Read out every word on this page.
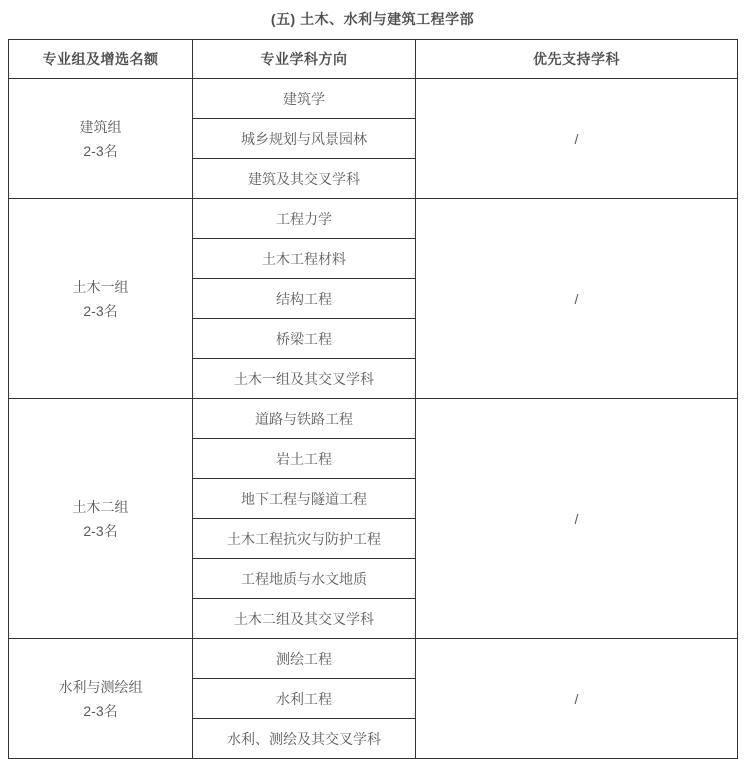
(五) 土木、水利与建筑工程学部
专业组及增选名额	专业学科方向	优先支持学科

建筑组
2-3名	建筑学	/
	城乡规划与风景园林	
	建筑及其交叉学科	

土木一组
2-3名	工程力学	/
	土木工程材料	
	结构工程	
	桥梁工程	
	土木一组及其交叉学科	

土木二组
2-3名	道路与铁路工程	/
	岩土工程	
	地下工程与隧道工程	
	土木工程抗灾与防护工程	
	工程地质与水文地质	
	土木二组及其交叉学科	

水利与测绘组
2-3名	测绘工程	/
	水利工程	
	水利、测绘及其交叉学科	
